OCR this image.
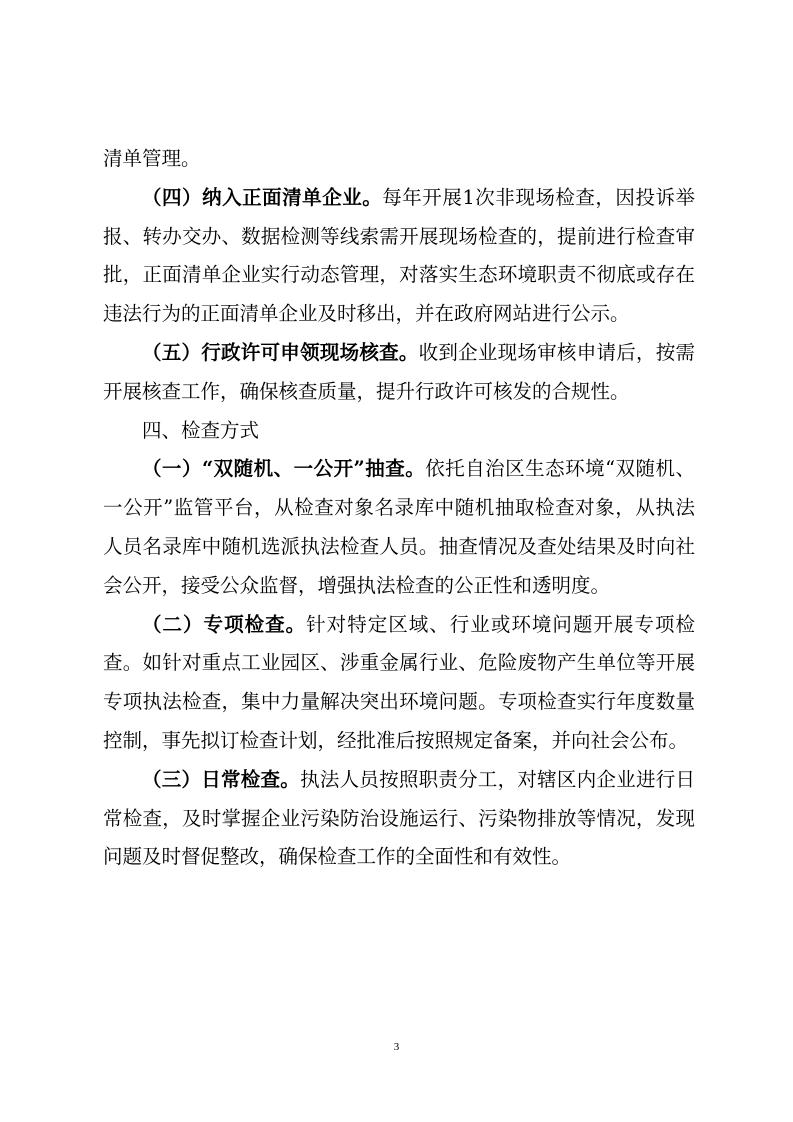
清单管理。

（四）纳入正面清单企业。每年开展1次非现场检查，因投诉举报、转办交办、数据检测等线索需开展现场检查的，提前进行检查审批，正面清单企业实行动态管理，对落实生态环境职责不彻底或存在违法行为的正面清单企业及时移出，并在政府网站进行公示。

（五）行政许可申领现场核查。收到企业现场审核申请后，按需开展核查工作，确保核查质量，提升行政许可核发的合规性。

四、检查方式

（一）“双随机、一公开”抽查。依托自治区生态环境“双随机、一公开”监管平台，从检查对象名录库中随机抽取检查对象，从执法人员名录库中随机选派执法检查人员。抽查情况及查处结果及时向社会公开，接受公众监督，增强执法检查的公正性和透明度。

（二）专项检查。针对特定区域、行业或环境问题开展专项检查。如针对重点工业园区、涉重金属行业、危险废物产生单位等开展专项执法检查，集中力量解决突出环境问题。专项检查实行年度数量控制，事先拟订检查计划，经批准后按照规定备案，并向社会公布。

（三）日常检查。执法人员按照职责分工，对辖区内企业进行日常检查，及时掌握企业污染防治设施运行、污染物排放等情况，发现问题及时督促整改，确保检查工作的全面性和有效性。

3
